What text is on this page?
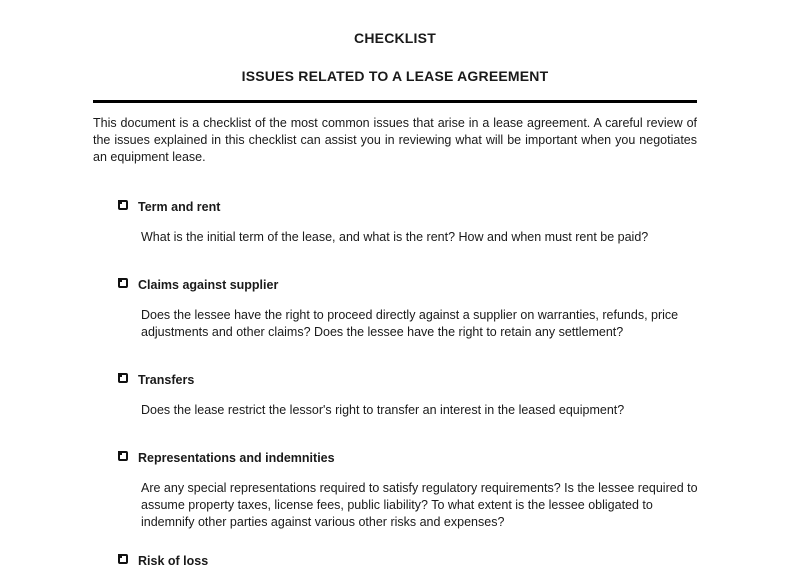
CHECKLIST
ISSUES RELATED TO A LEASE AGREEMENT

This document is a checklist of the most common issues that arise in a lease agreement. A careful review of the issues explained in this checklist can assist you in reviewing what will be important when you negotiates an equipment lease.

Term and rent

What is the initial term of the lease, and what is the rent? How and when must rent be paid?

Claims against supplier

Does the lessee have the right to proceed directly against a supplier on warranties, refunds, price adjustments and other claims? Does the lessee have the right to retain any settlement?

Transfers

Does the lease restrict the lessor's right to transfer an interest in the leased equipment?

Representations and indemnities

Are any special representations required to satisfy regulatory requirements? Is the lessee required to assume property taxes, license fees, public liability? To what extent is the lessee obligated to indemnify other parties against various other risks and expenses?

Risk of loss
